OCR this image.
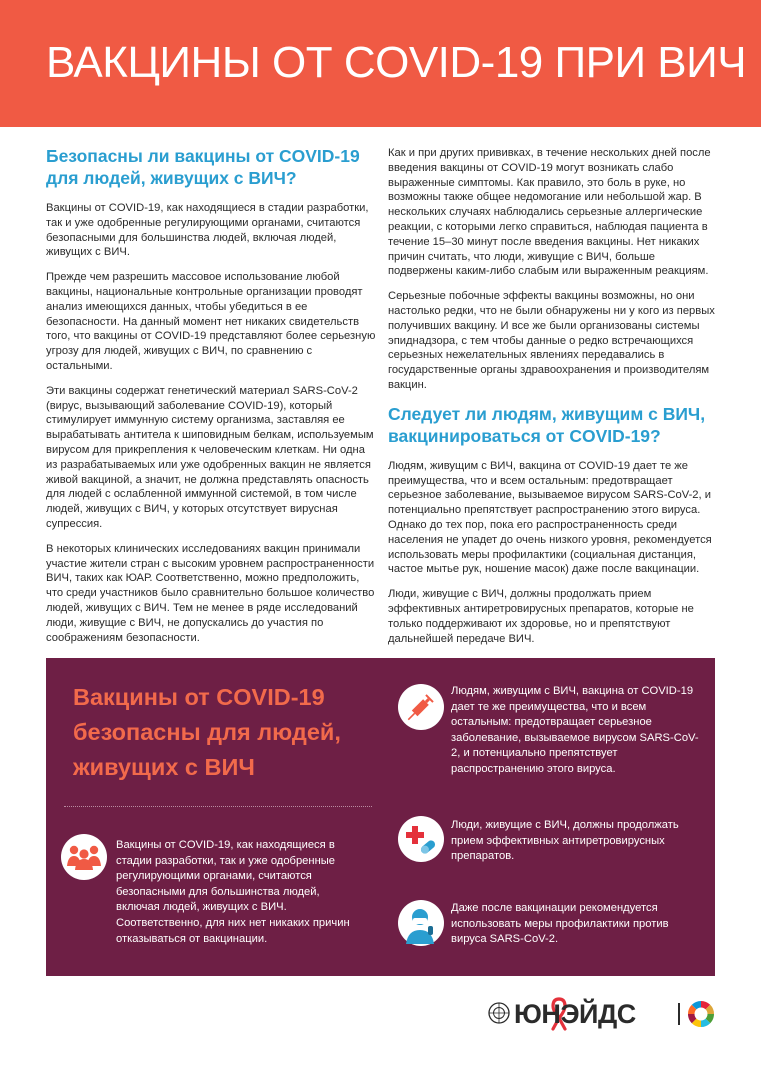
ВАКЦИНЫ ОТ COVID-19 ПРИ ВИЧ
Безопасны ли вакцины от COVID-19 для людей, живущих с ВИЧ?

Вакцины от COVID-19, как находящиеся в стадии разработки, так и уже одобренные регулирующими органами, считаются безопасными для большинства людей, включая людей, живущих с ВИЧ.

Прежде чем разрешить массовое использование любой вакцины, национальные контрольные организации проводят анализ имеющихся данных, чтобы убедиться в ее безопасности. На данный момент нет никаких свидетельств того, что вакцины от COVID-19 представляют более серьезную угрозу для людей, живущих с ВИЧ, по сравнению с остальными.

Эти вакцины содержат генетический материал SARS-CoV-2 (вирус, вызывающий заболевание COVID-19), который стимулирует иммунную систему организма, заставляя ее вырабатывать антитела к шиповидным белкам, используемым вирусом для прикрепления к человеческим клеткам. Ни одна из разрабатываемых или уже одобренных вакцин не является живой вакциной, а значит, не должна представлять опасность для людей с ослабленной иммунной системой, в том числе людей, живущих с ВИЧ, у которых отсутствует вирусная супрессия.

В некоторых клинических исследованиях вакцин принимали участие жители стран с высоким уровнем распространенности ВИЧ, таких как ЮАР. Соответственно, можно предположить, что среди участников было сравнительно большое количество людей, живущих с ВИЧ. Тем не менее в ряде исследований люди, живущие с ВИЧ, не допускались до участия по соображениям безопасности.

Как и при других прививках, в течение нескольких дней после введения вакцины от COVID-19 могут возникать слабо выраженные симптомы. Как правило, это боль в руке, но возможны также общее недомогание или небольшой жар. В нескольких случаях наблюдались серьезные аллергические реакции, с которыми легко справиться, наблюдая пациента в течение 15–30 минут после введения вакцины. Нет никаких причин считать, что люди, живущие с ВИЧ, больше подвержены каким-либо слабым или выраженным реакциям.

Серьезные побочные эффекты вакцины возможны, но они настолько редки, что не были обнаружены ни у кого из первых получивших вакцину. И все же были организованы системы эпиднадзора, с тем чтобы данные о редко встречающихся серьезных нежелательных явлениях передавались в государственные органы здравоохранения и производителям вакцин.

Следует ли людям, живущим с ВИЧ, вакцинироваться от COVID-19?

Людям, живущим с ВИЧ, вакцина от COVID-19 дает те же преимущества, что и всем остальным: предотвращает серьезное заболевание, вызываемое вирусом SARS-CoV-2, и потенциально препятствует распространению этого вируса. Однако до тех пор, пока его распространенность среди населения не упадет до очень низкого уровня, рекомендуется использовать меры профилактики (социальная дистанция, частое мытье рук, ношение масок) даже после вакцинации.

Люди, живущие с ВИЧ, должны продолжать прием эффективных антиретровирусных препаратов, которые не только поддерживают их здоровье, но и препятствуют дальнейшей передаче ВИЧ.

Вакцины от COVID-19 безопасны для людей, живущих с ВИЧ

Вакцины от COVID-19, как находящиеся в стадии разработки, так и уже одобренные регулирующими органами, считаются безопасными для большинства людей, включая людей, живущих с ВИЧ. Соответственно, для них нет никаких причин отказываться от вакцинации.

Людям, живущим с ВИЧ, вакцина от COVID-19 дает те же преимущества, что и всем остальным: предотвращает серьезное заболевание, вызываемое вирусом SARS-CoV-2, и потенциально препятствует распространению этого вируса.

Люди, живущие с ВИЧ, должны продолжать прием эффективных антиретровирусных препаратов.

Даже после вакцинации рекомендуется использовать меры профилактики против вируса SARS-CoV-2.

ЮНЭЙДС
